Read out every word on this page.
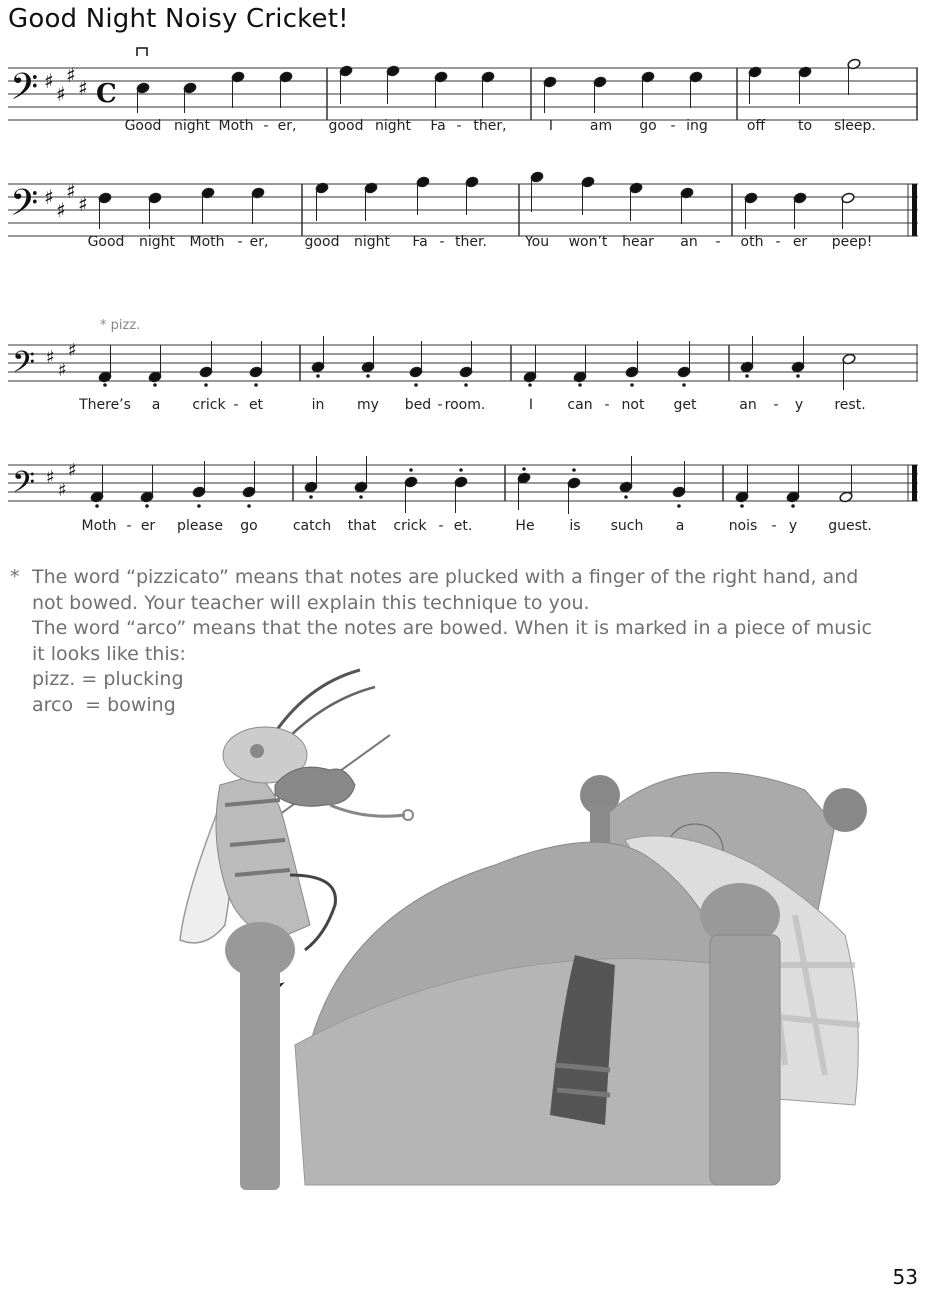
Good Night Noisy Cricket!
𝄢 ♯
♯
♯
♯ C
Good night Moth - er, good night Fa - ther,	I	am go - ing	off to sleep.
𝄢 ♯
♯
♯
♯
Good night Moth - er,	good night Fa - ther.	You won’t hear an - oth - er peep!
* pizz.
𝄢 ♯
♯
♯
There’s a crick - et	in my bed - room.	I can - not get	an - y rest.
𝄢 ♯
♯
♯
Moth - er please go	catch that crick - et.	He is such a	nois - y guest.
* The word “pizzicato” means that notes are plucked with a finger of the right hand, and
not bowed. Your teacher will explain this technique to you.
The word “arco” means that the notes are bowed. When it is marked in a piece of music
it looks like this:
pizz. = plucking
arco  = bowing
53
